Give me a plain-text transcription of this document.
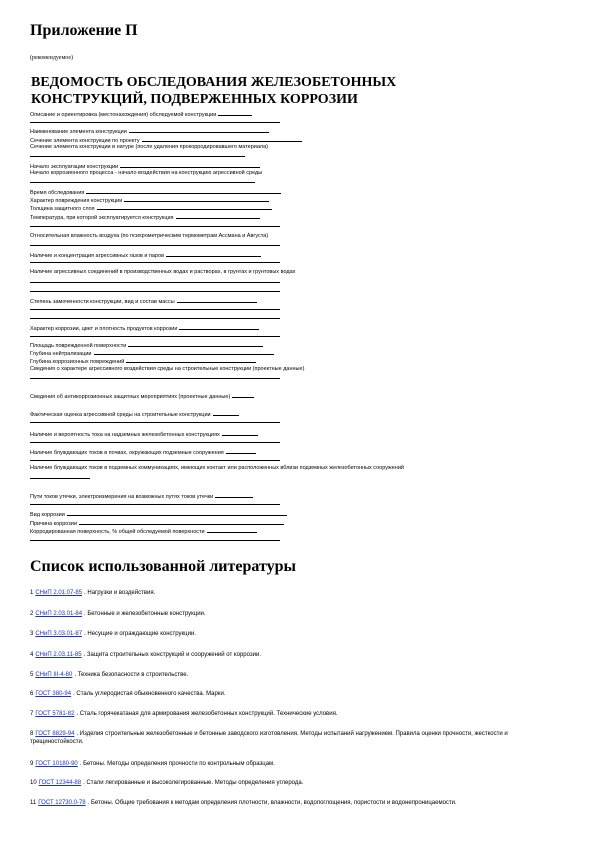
Приложение П
(рекомендуемое)
ВЕДОМОСТЬ ОБСЛЕДОВАНИЯ ЖЕЛЕЗОБЕТОННЫХ
КОНСТРУКЦИЙ, ПОДВЕРЖЕННЫХ КОРРОЗИИ
Описание и ориентировка (местонахождения) обследуемой конструкции
Наименование элемента конструкции
Сечение элемента конструкции по проекту
Сечение элемента конструкции в натуре (после удаления прокорродировавшего материала)
Начало эксплуатации конструкции
Начало коррозионного процесса - начало воздействия на конструкцию агрессивной среды
Время обследования
Характер повреждения конструкции
Толщина защитного слоя
Температура, при которой эксплуатируется конструкция
Относительная влажность воздуха (по психрометрическим термометрам Ассмана и Августа)
Наличие и концентрация агрессивных газов и паров
Наличие агрессивных соединений в производственных водах и растворах, в грунтах и грунтовых водах
Степень замоченности конструкции, вид и состав массы
Характер коррозии, цвет и плотность продуктов коррозии
Площадь поврежденной поверхности
Глубина нейтрализации
Глубина коррозионных повреждений
Сведения о характере агрессивного воздействия среды на строительные конструкции (проектные данные)
Сведения об антикоррозионных защитных мероприятиях (проектные данные)
Фактическая оценка агрессивной среды на строительные конструкции
Наличие и вероятность тока на надземных железобетонных конструкциях
Наличие блуждающих токов в почвах, окружающих подземные сооружения
Наличие блуждающих токов в подземных коммуникациях, имеющих контакт или расположенных вблизи подземных железобетонных сооружений
Пути токов утечки, электроизмерения на возможных путях токов утечки
Вид коррозии
Причина коррозии
Корродированная поверхность, % общей обследуемой поверхности
Список использованной литературы
1 СНиП 2.01.07-85 . Нагрузки и воздействия.
2 СНиП 2.03.01-84 . Бетонные и железобетонные конструкции.
3 СНиП 3.03.01-87 . Несущие и ограждающие конструкции.
4 СНиП 2.03.11-85 . Защита строительных конструкций и сооружений от коррозии.
5 СНиП III-4-80 . Техника безопасности в строительстве.
6 ГОСТ 380-94 . Сталь углеродистая обыкновенного качества. Марки.
7 ГОСТ 5781-82 . Сталь горячекатаная для армирования железобетонных конструкций. Технические условия.
8 ГОСТ 8829-94 . Изделия строительные железобетонные и бетонные заводского изготовления. Методы испытаний нагружением. Правила оценки прочности, жесткости и трещиностойкости.
9 ГОСТ 10180-90 . Бетоны. Методы определения прочности по контрольным образцам.
10 ГОСТ 12344-88 . Стали легированные и высоколегированные. Методы определения углерода.
11 ГОСТ 12730.0-78 . Бетоны. Общие требования к методам определения плотности, влажности, водопоглощения, пористости и водонепроницаемости.
